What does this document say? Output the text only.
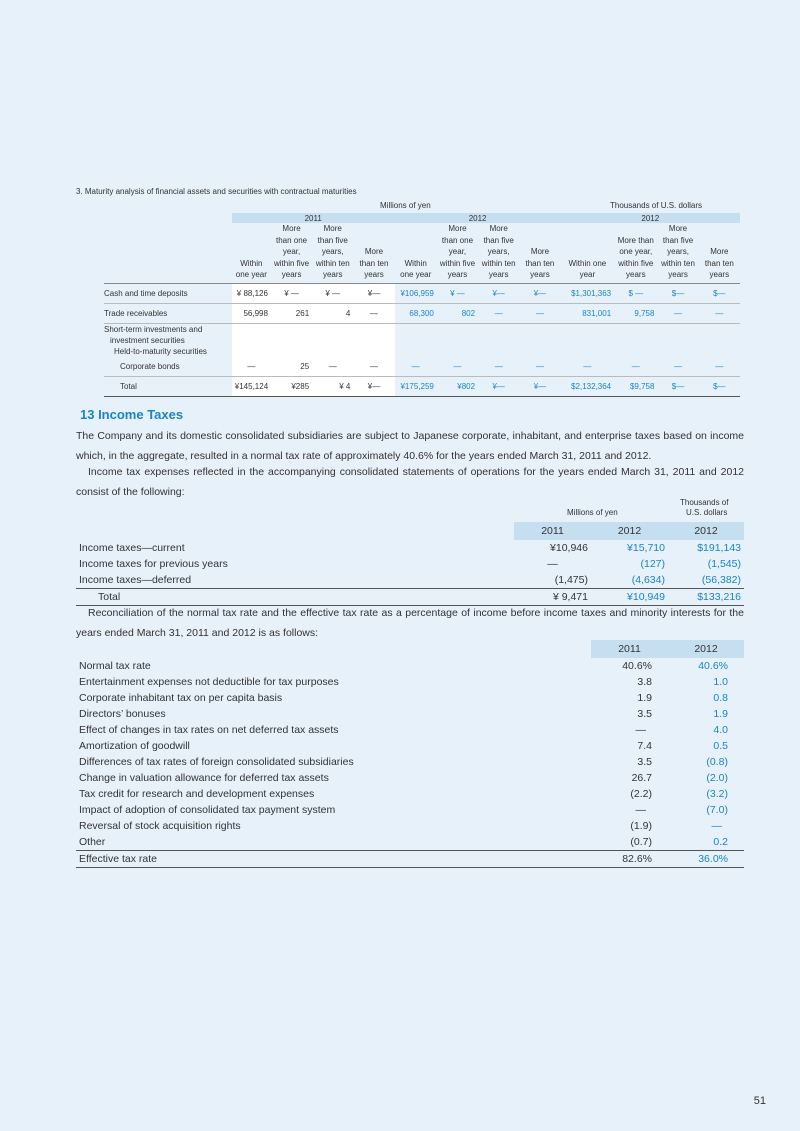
3. Maturity analysis of financial assets and securities with contractual maturities
Millions of yen	Thousands of U.S. dollars
	2011				2012				2012			
	Within one year	More than one year, within five years	More than five years, within ten years	More than ten years	Within one year	More than one year, within five years	More than five years, within ten years	More than ten years	Within one year	More than one year, within five years	More than five years, within ten years	More than ten years
Cash and time deposits	¥ 88,126	¥ —	¥ —	¥—	¥106,959	¥ —	¥—	¥—	$1,301,363	$ —	$—	$—
Trade receivables	56,998	261	4	—	68,300	802	—	—	831,001	9,758	—	—
Short-term investments and												
investment securities												
Held-to-maturity securities												
Corporate bonds	—	25	—	—	—	—	—	—	—	—	—	—
Total	¥145,124	¥285	¥ 4	¥—	¥175,259	¥802	¥—	¥—	$2,132,364	$9,758	$—	$—
13 Income Taxes
The Company and its domestic consolidated subsidiaries are subject to Japanese corporate, inhabitant, and enterprise taxes based on income which, in the aggregate, resulted in a normal tax rate of approximately 40.6% for the years ended March 31, 2011 and 2012.
Income tax expenses reflected in the accompanying consolidated statements of operations for the years ended March 31, 2011 and 2012 consist of the following:
Millions of yen
Thousands of
U.S. dollars
	2011	2012	2012
Income taxes—current	¥10,946	¥15,710	$191,143
Income taxes for previous years	—	(127)	(1,545)
Income taxes—deferred	(1,475)	(4,634)	(56,382)
Total	¥ 9,471	¥10,949	$133,216
Reconciliation of the normal tax rate and the effective tax rate as a percentage of income before income taxes and minority interests for the years ended March 31, 2011 and 2012 is as follows:
	2011	2012
Normal tax rate	40.6%	40.6%
Entertainment expenses not deductible for tax purposes	3.8	1.0
Corporate inhabitant tax on per capita basis	1.9	0.8
Directors’ bonuses	3.5	1.9
Effect of changes in tax rates on net deferred tax assets	—	4.0
Amortization of goodwill	7.4	0.5
Differences of tax rates of foreign consolidated subsidiaries	3.5	(0.8)
Change in valuation allowance for deferred tax assets	26.7	(2.0)
Tax credit for research and development expenses	(2.2)	(3.2)
Impact of adoption of consolidated tax payment system	—	(7.0)
Reversal of stock acquisition rights	(1.9)	—
Other	(0.7)	0.2
Effective tax rate	82.6%	36.0%
51
